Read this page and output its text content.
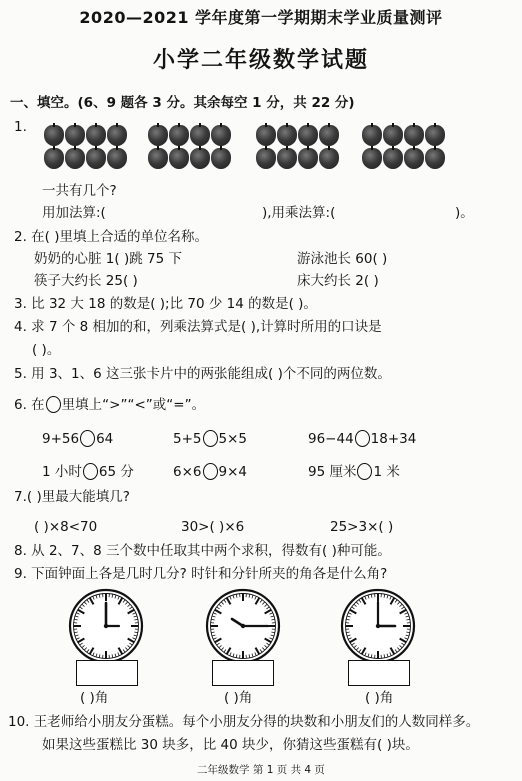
2020—2021 学年度第一学期期末学业质量测评
小学二年级数学试题
一、填空。(6、9 题各 3 分。其余每空 1 分，共 22 分)
1.
一共有几个?
用加法算:(	),用乘法算:(	)。
2. 在( )里填上合适的单位名称。
奶奶的心脏 1( )跳 75 下	游泳池长 60( )
筷子大约长 25( )	床大约长 2( )
3. 比 32 大 18 的数是( );比 70 少 14 的数是( )。
4. 求 7 个 8 相加的和，列乘法算式是( ),计算时所用的口诀是
( )。
5. 用 3、1、6 这三张卡片中的两张能组成( )个不同的两位数。
6. 在 里填上“>”“<”或“=”。
9+56 64	5+5 5×5	96−44 18+34
1 小时 65 分	6×6 9×4	95 厘米 1 米
7.( )里最大能填几?
( )×8<70	30>( )×6	25>3×( )
8. 从 2、7、8 三个数中任取其中两个求积，得数有( )种可能。
9. 下面钟面上各是几时几分? 时针和分针所夹的角各是什么角?
( )角	( )角	( )角
10. 王老师给小朋友分蛋糕。每个小朋友分得的块数和小朋友们的人数同样多。
如果这些蛋糕比 30 块多，比 40 块少，你猜这些蛋糕有( )块。
二年级数学 第 1 页 共 4 页
